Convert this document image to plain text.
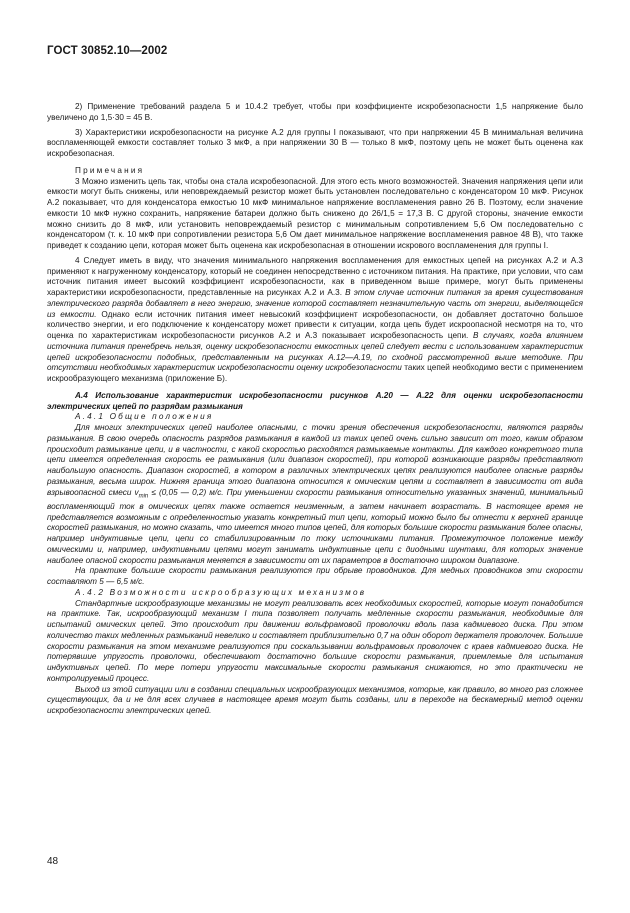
ГОСТ 30852.10—2002

2) Применение требований раздела 5 и 10.4.2 требует, чтобы при коэффициенте искробезопасности 1,5 напряжение было увеличено до 1,5·30 = 45 В.

3) Характеристики искробезопасности на рисунке А.2 для группы I показывают, что при напряжении 45 В минимальная величина воспламеняющей емкости составляет только 3 мкФ, а при напряжении 30 В — только 8 мкФ, поэтому цепь не может быть оценена как искробезопасная.

Примечания

3 Можно изменить цепь так, чтобы она стала искробезопасной. Для этого есть много возможностей. Значения напряжения цепи или емкости могут быть снижены, или неповреждаемый резистор может быть установлен последовательно с конденсатором 10 мкФ. Рисунок А.2 показывает, что для конденсатора емкостью 10 мкФ минимальное напряжение воспламенения равно 26 В. Поэтому, если значение емкости 10 мкФ нужно сохранить, напряжение батареи должно быть снижено до 26/1,5 = 17,3 В. С другой стороны, значение емкости можно снизить до 8 мкФ, или установить неповреждаемый резистор с минимальным сопротивлением 5,6 Ом последовательно с конденсатором (т. к. 10 мкФ при сопротивлении резистора 5,6 Ом дает минимальное напряжение воспламенения равное 48 В), что также приведет к созданию цепи, которая может быть оценена как искробезопасная в отношении искрового воспламенения для группы I.

4 Следует иметь в виду, что значения минимального напряжения воспламенения для емкостных цепей на рисунках А.2 и А.3 применяют к нагруженному конденсатору, который не соединен непосредственно с источником питания. На практике, при условии, что сам источник питания имеет высокий коэффициент искробезопасности, как в приведенном выше примере, могут быть применены характеристики искробезопасности, представленные на рисунках А.2 и А.3. В этом случае источник питания за время существования электрического разряда добавляет в него энергию, значение которой составляет незначительную часть от энергии, выделяющейся из емкости. Однако если источник питания имеет невысокий коэффициент искробезопасности, он добавляет достаточно большое количество энергии, и его подключение к конденсатору может привести к ситуации, когда цепь будет искроопасной несмотря на то, что оценка по характеристикам искробезопасности рисунков А.2 и А.3 показывает искробезопасность цепи. В случаях, когда влиянием источника питания пренебречь нельзя, оценку искробезопасности емкостных цепей следует вести с использованием характеристик цепей искробезопасности подобных, представленным на рисунках А.12—А.19, по сходной рассмотренной выше методике. При отсутствии необходимых характеристик искробезопасности оценку искробезопасности таких цепей необходимо вести с применением искрообразующего механизма (приложение Б).

А.4 Использование характеристик искробезопасности рисунков А.20 — А.22 для оценки искробезопасности электрических цепей по разрядам размыкания

А.4.1 Общие положения

Для многих электрических цепей наиболее опасными, с точки зрения обеспечения искробезопасности, являются разряды размыкания. В свою очередь опасность разрядов размыкания в каждой из таких цепей очень сильно зависит от того, каким образом происходит размыкание цепи, и в частности, с какой скоростью расходятся размыкаемые контакты. Для каждого конкретного типа цепи имеется определенная скорость ее размыкания (или диапазон скоростей), при которой возникающие разряды представляют наибольшую опасность. Диапазон скоростей, в котором в различных электрических цепях реализуются наиболее опасные разряды размыкания, весьма широк. Нижняя граница этого диапазона относится к омическим цепям и составляет в зависимости от вида взрывоопасной смеси $v_{min} \le (0,05$ — 0,2) м/с. При уменьшении скорости размыкания относительно указанных значений, минимальный воспламеняющий ток в омических цепях также остается неизменным, а затем начинает возрастать. В настоящее время не представляется возможным с определенностью указать конкретный тип цепи, который можно было бы отнести к верхней границе скоростей размыкания, но можно сказать, что имеется много типов цепей, для которых большие скорости размыкания более опасны, например индуктивные цепи, цепи со стабилизированным по току источниками питания. Промежуточное положение между омическими и, например, индуктивными цепями могут занимать индуктивные цепи с диодными шунтами, для которых значение наиболее опасной скорости размыкания меняется в зависимости от их параметров в достаточно широком диапазоне.

На практике большие скорости размыкания реализуются при обрыве проводников. Для медных проводников эти скорости составляют 5 — 6,5 м/с.

А.4.2 Возможности искрообразующих механизмов

Стандартные искрообразующие механизмы не могут реализовать всех необходимых скоростей, которые могут понадобится на практике. Так, искрообразующий механизм I типа позволяет получать медленные скорости размыкания, необходимые для испытаний омических цепей. Это происходит при движении вольфрамовой проволочки вдоль паза кадмиевого диска. При этом количество таких медленных размыканий невелико и составляет приблизительно 0,7 на один оборот держателя проволочек. Большие скорости размыкания на этом механизме реализуются при соскальзывании вольфрамовых проволочек с краев кадмиевого диска. Не потерявшие упругость проволочки, обеспечивают достаточно большие скорости размыкания, приемлемые для испытания индуктивных цепей. По мере потери упругости максимальные скорости размыкания снижаются, но это практически не контролируемый процесс.

Выход из этой ситуации или в создании специальных искрообразующих механизмов, которые, как правило, во много раз сложнее существующих, да и не для всех случаев в настоящее время могут быть созданы, или в переходе на бескамерный метод оценки искробезопасности электрических цепей.

48
